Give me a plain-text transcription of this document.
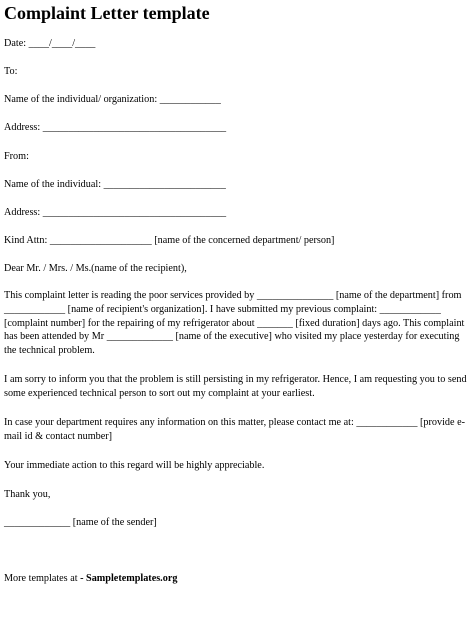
Complaint Letter template
Date: ____/____/____
To:
Name of the individual/ organization: ____________
Address: ____________________________________
From:
Name of the individual: ________________________
Address: ____________________________________
Kind Attn: ____________________ [name of the concerned department/ person]
Dear Mr. / Mrs. / Ms.(name of the recipient),
This complaint letter is reading the poor services provided by _______________ [name of the department] from ____________ [name of recipient's organization]. I have submitted my previous complaint: ____________ [complaint number] for the repairing of my refrigerator about _______ [fixed duration] days ago. This complaint has been attended by Mr _____________ [name of the executive] who visited my place yesterday for executing the technical problem.
I am sorry to inform you that the problem is still persisting in my refrigerator. Hence, I am requesting you to send some experienced technical person to sort out my complaint at your earliest.
In case your department requires any information on this matter, please contact me at: ____________ [provide e-mail id & contact number]
Your immediate action to this regard will be highly appreciable.
Thank you,
_____________ [name of the sender]
More templates at - Sampletemplates.org
